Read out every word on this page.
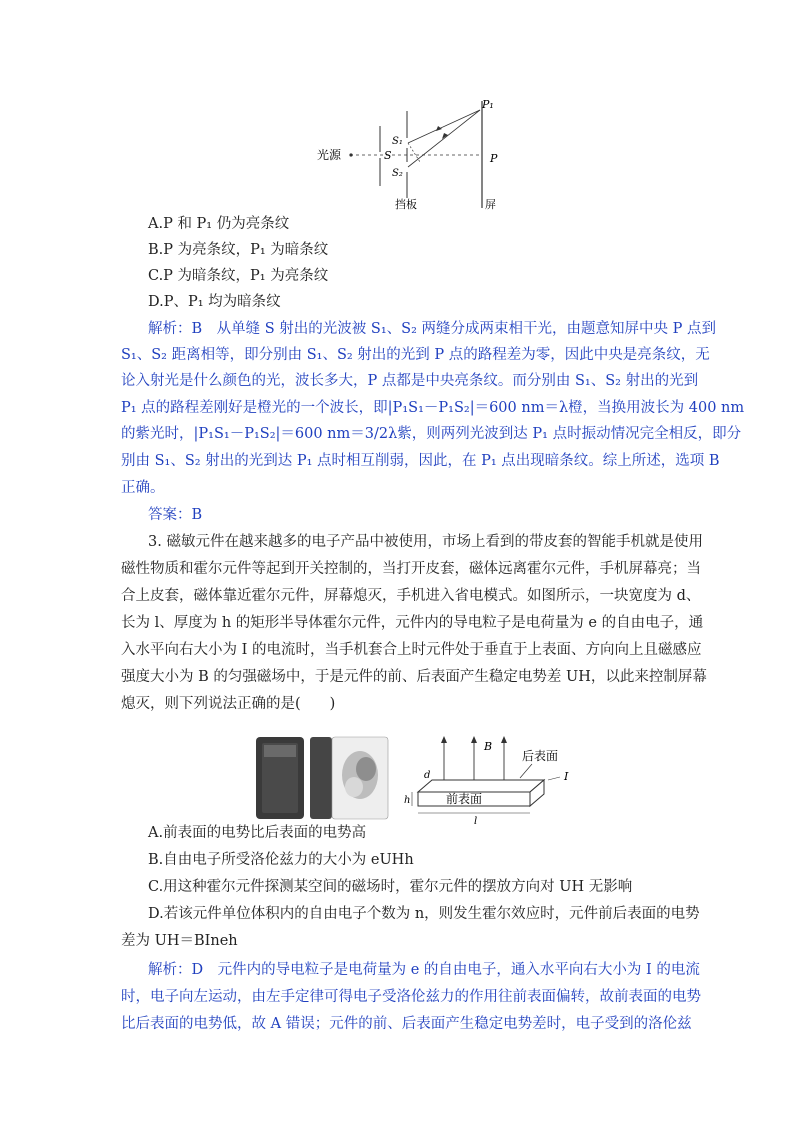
光源	S
S₁
S₂
P₁
P
挡板	屏
A.P 和 P₁ 仍为亮条纹
B.P 为亮条纹，P₁ 为暗条纹
C.P 为暗条纹，P₁ 为亮条纹
D.P、P₁ 均为暗条纹
解析：B　从单缝 S 射出的光波被 S₁、S₂ 两缝分成两束相干光，由题意知屏中央 P 点到
S₁、S₂ 距离相等，即分别由 S₁、S₂ 射出的光到 P 点的路程差为零，因此中央是亮条纹，无
论入射光是什么颜色的光，波长多大，P 点都是中央亮条纹。而分别由 S₁、S₂ 射出的光到
P₁ 点的路程差刚好是橙光的一个波长，即|P₁S₁－P₁S₂|＝600 nm＝λ橙，当换用波长为 400 nm
的紫光时，|P₁S₁－P₁S₂|＝600 nm＝3/2λ紫，则两列光波到达 P₁ 点时振动情况完全相反，即分
别由 S₁、S₂ 射出的光到达 P₁ 点时相互削弱，因此，在 P₁ 点出现暗条纹。综上所述，选项 B
正确。
答案：B
3. 磁敏元件在越来越多的电子产品中被使用，市场上看到的带皮套的智能手机就是使用
磁性物质和霍尔元件等起到开关控制的，当打开皮套，磁体远离霍尔元件，手机屏幕亮；当
合上皮套，磁体靠近霍尔元件，屏幕熄灭，手机进入省电模式。如图所示，一块宽度为 d、
长为 l、厚度为 h 的矩形半导体霍尔元件，元件内的导电粒子是电荷量为 e 的自由电子，通
入水平向右大小为 I 的电流时，当手机套合上时元件处于垂直于上表面、方向向上且磁感应
强度大小为 B 的匀强磁场中，于是元件的前、后表面产生稳定电势差 UH，以此来控制屏幕
熄灭，则下列说法正确的是(　　)
B
后表面
前表面
d
h
l
I
A.前表面的电势比后表面的电势高
B.自由电子所受洛伦兹力的大小为 eUHh
C.用这种霍尔元件探测某空间的磁场时，霍尔元件的摆放方向对 UH 无影响
D.若该元件单位体积内的自由电子个数为 n，则发生霍尔效应时，元件前后表面的电势
差为 UH＝BIneh
解析：D　元件内的导电粒子是电荷量为 e 的自由电子，通入水平向右大小为 I 的电流
时，电子向左运动，由左手定律可得电子受洛伦兹力的作用往前表面偏转，故前表面的电势
比后表面的电势低，故 A 错误；元件的前、后表面产生稳定电势差时，电子受到的洛伦兹
